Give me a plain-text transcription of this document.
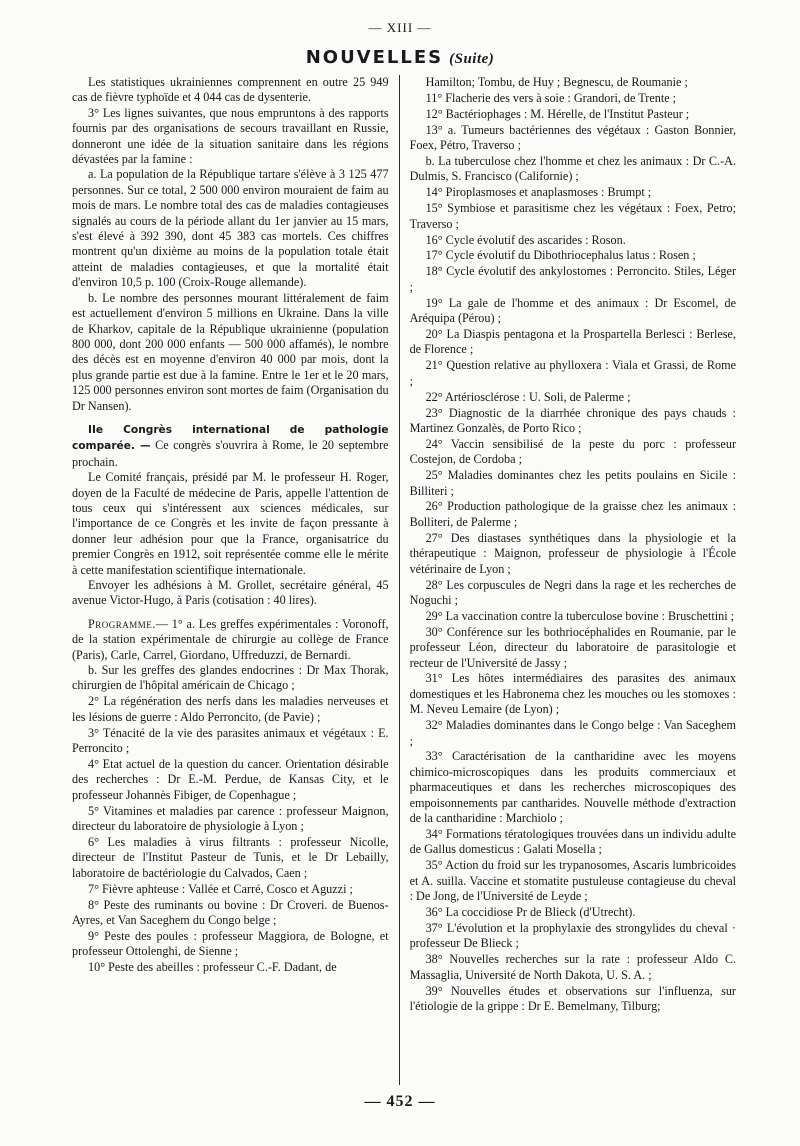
— XIII —
NOUVELLES (Suite)

Les statistiques ukrainiennes comprennent en outre 25 949 cas de fièvre typhoïde et 4 044 cas de dysenterie.

3° Les lignes suivantes, que nous empruntons à des rapports fournis par des organisations de secours travaillant en Russie, donneront une idée de la situation sanitaire dans les régions dévastées par la famine :

a. La population de la République tartare s'élève à 3 125 477 personnes. Sur ce total, 2 500 000 environ mouraient de faim au mois de mars. Le nombre total des cas de maladies contagieuses signalés au cours de la période allant du 1er janvier au 15 mars, s'est élevé à 392 390, dont 45 383 cas mortels. Ces chiffres montrent qu'un dixième au moins de la population totale était atteint de maladies contagieuses, et que la mortalité était d'environ 10,5 p. 100 (Croix-Rouge allemande).

b. Le nombre des personnes mourant littéralement de faim est actuellement d'environ 5 millions en Ukraine. Dans la ville de Kharkov, capitale de la République ukrainienne (population 800 000, dont 200 000 enfants — 500 000 affamés), le nombre des décès est en moyenne d'environ 40 000 par mois, dont la plus grande partie est due à la famine. Entre le 1er et le 20 mars, 125 000 personnes environ sont mortes de faim (Organisation du Dr Nansen).

IIe Congrès international de pathologie comparée. — Ce congrès s'ouvrira à Rome, le 20 septembre prochain.

Le Comité français, présidé par M. le professeur H. Roger, doyen de la Faculté de médecine de Paris, appelle l'attention de tous ceux qui s'intéressent aux sciences médicales, sur l'importance de ce Congrès et les invite de façon pressante à donner leur adhésion pour que la France, organisatrice du premier Congrès en 1912, soit représentée comme elle le mérite à cette manifestation scientifique internationale.

Envoyer les adhésions à M. Grollet, secrétaire général, 45 avenue Victor-Hugo, à Paris (cotisation : 40 lires).

Programme.— 1° a. Les greffes expérimentales : Voronoff, de la station expérimentale de chirurgie au collège de France (Paris), Carle, Carrel, Giordano, Uffreduzzi, de Bernardi.

b. Sur les greffes des glandes endocrines : Dr Max Thorak, chirurgien de l'hôpital américain de Chicago ;

2° La régénération des nerfs dans les maladies nerveuses et les lésions de guerre : Aldo Perroncito, (de Pavie) ;

3° Ténacité de la vie des parasites animaux et végétaux : E. Perroncito ;

4° Etat actuel de la question du cancer. Orientation désirable des recherches : Dr E.-M. Perdue, de Kansas City, et le professeur Johannès Fibiger, de Copenhague ;

5° Vitamines et maladies par carence : professeur Maignon, directeur du laboratoire de physiologie à Lyon ;

6° Les maladies à virus filtrants : professeur Nicolle, directeur de l'Institut Pasteur de Tunis, et le Dr Lebailly, laboratoire de bactériologie du Calvados, Caen ;

7° Fièvre aphteuse : Vallée et Carré, Cosco et Aguzzi ;

8° Peste des ruminants ou bovine : Dr Croveri. de Buenos-Ayres, et Van Saceghem du Congo belge ;

9° Peste des poules : professeur Maggiora, de Bologne, et professeur Ottolenghi, de Sienne ;

10° Peste des abeilles : professeur C.-F. Dadant, de

Hamilton; Tombu, de Huy ; Begnescu, de Roumanie ;

11° Flacherie des vers à soie : Grandori, de Trente ;

12° Bactériophages : M. Hérelle, de l'Institut Pasteur ;

13° a. Tumeurs bactériennes des végétaux : Gaston Bonnier, Foex, Pétro, Traverso ;

b. La tuberculose chez l'homme et chez les animaux : Dr C.-A. Dulmis, S. Francisco (Californie) ;

14° Piroplasmoses et anaplasmoses : Brumpt ;

15° Symbiose et parasitisme chez les végétaux : Foex, Petro; Traverso ;

16° Cycle évolutif des ascarides : Roson.

17° Cycle évolutif du Dibothriocephalus latus : Rosen ;

18° Cycle évolutif des ankylostomes : Perroncito. Stiles, Léger ;

19° La gale de l'homme et des animaux : Dr Escomel, de Aréquipa (Pérou) ;

20° La Diaspis pentagona et la Prospartella Berlesci : Berlese, de Florence ;

21° Question relative au phylloxera : Viala et Grassi, de Rome ;

22° Artériosclérose : U. Soli, de Palerme ;

23° Diagnostic de la diarrhée chronique des pays chauds : Martinez Gonzalès, de Porto Rico ;

24° Vaccin sensibilisé de la peste du porc : professeur Costejon, de Cordoba ;

25° Maladies dominantes chez les petits poulains en Sicile : Billiteri ;

26° Production pathologique de la graisse chez les animaux : Bolliteri, de Palerme ;

27° Des diastases synthétiques dans la physiologie et la thérapeutique : Maignon, professeur de physiologie à l'École vétérinaire de Lyon ;

28° Les corpuscules de Negri dans la rage et les recherches de Noguchi ;

29° La vaccination contre la tuberculose bovine : Bruschettini ;

30° Conférence sur les bothriocéphalides en Roumanie, par le professeur Léon, directeur du laboratoire de parasitologie et recteur de l'Université de Jassy ;

31° Les hôtes intermédiaires des parasites des animaux domestiques et les Habronema chez les mouches ou les stomoxes : M. Neveu Lemaire (de Lyon) ;

32° Maladies dominantes dans le Congo belge : Van Saceghem ;

33° Caractérisation de la cantharidine avec les moyens chimico-microscopiques dans les produits commerciaux et pharmaceutiques et dans les recherches microscopiques des empoisonnements par cantharides. Nouvelle méthode d'extraction de la cantharidine : Marchiolo ;

34° Formations tératologiques trouvées dans un individu adulte de Gallus domesticus : Galati Mosella ;

35° Action du froid sur les trypanosomes, Ascaris lumbricoides et A. suilla. Vaccine et stomatite pustuleuse contagieuse du cheval : De Jong, de l'Université de Leyde ;

36° La coccidiose Pr de Blieck (d'Utrecht).

37° L'évolution et la prophylaxie des strongylides du cheval · professeur De Blieck ;

38° Nouvelles recherches sur la rate : professeur Aldo C. Massaglia, Université de North Dakota, U. S. A. ;

39° Nouvelles études et observations sur l'influenza, sur l'étiologie de la grippe : Dr E. Bemelmany, Tilburg;

— 452 —
